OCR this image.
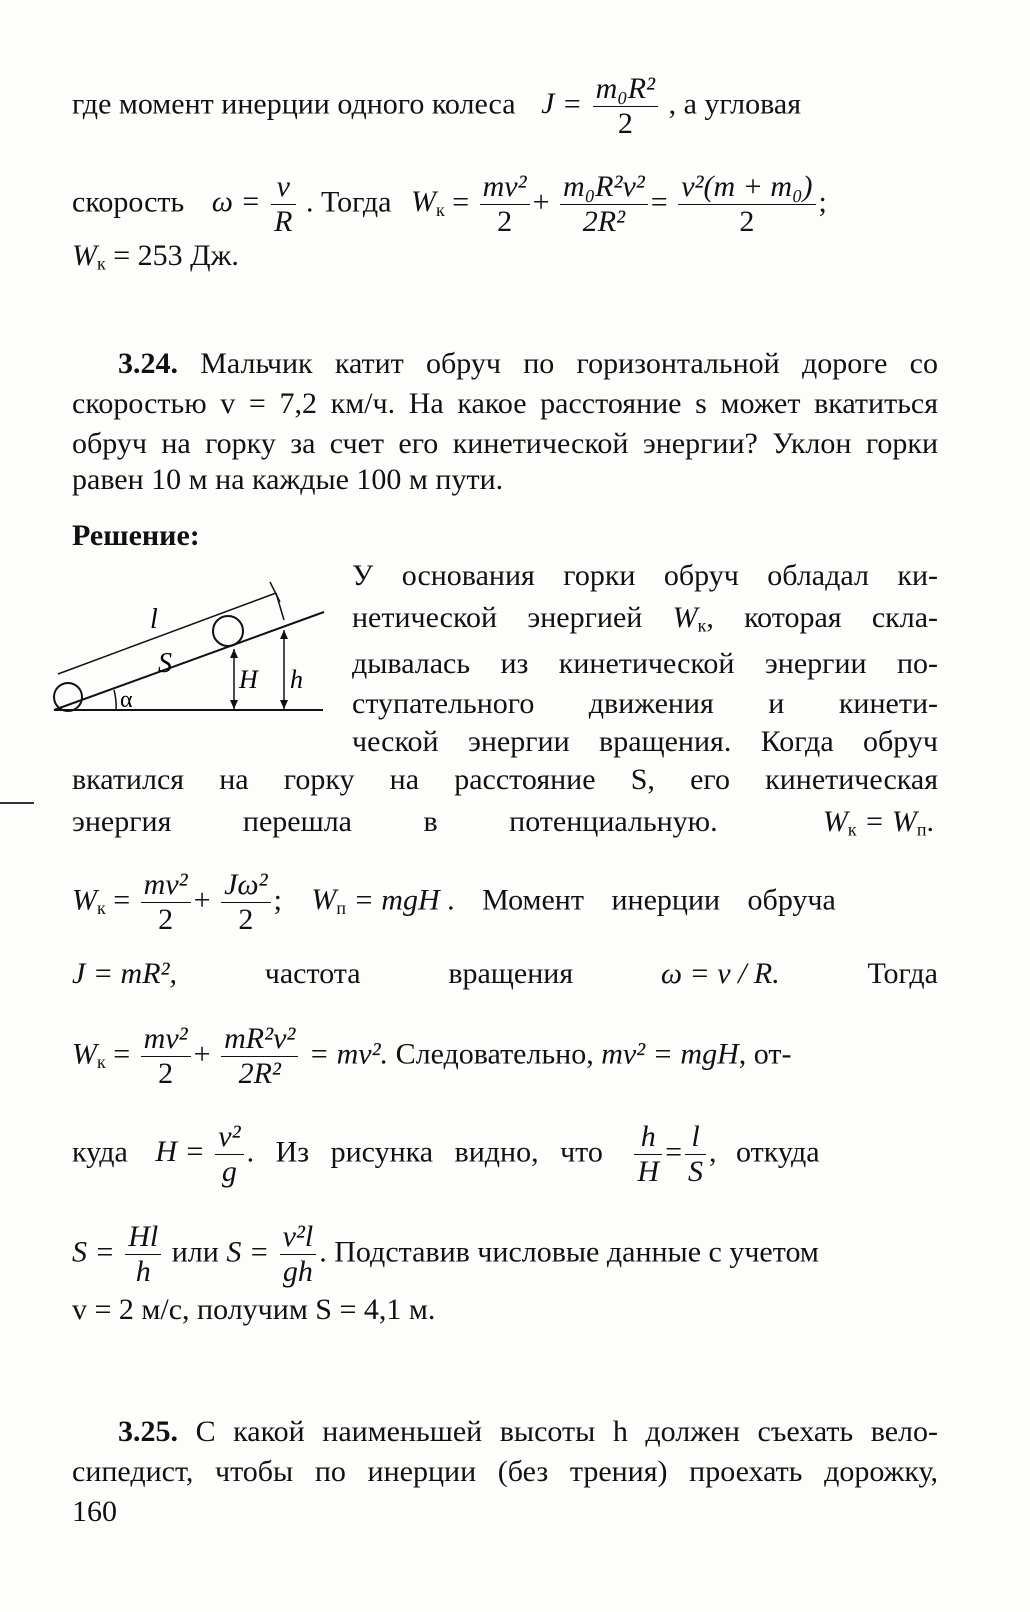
где момент инерции одного колеса $J = \frac{\text{m₀R²}}{2}$ , а угловая
скорость $\omega = \frac{v}{R}$ . Тогда $W_к = \frac{\text{mv²}}{2} + \frac{\text{m₀R²v²}}{\text{2R²}} = \frac{\text{v²(m + m₀)}}{2}$ ;
$W_к = 253$ Дж.
3.24. Мальчик катит обруч по горизонтальной дороге со
скоростью v = 7,2 км/ч. На какое расстояние s может вкатиться
обруч на горку за счет его кинетической энергии? Уклон горки
равен 10 м на каждые 100 м пути.
Решение:
l
S
H h
α
У основания горки обруч обладал ки-
нетической энергией $W_к$, которая скла-
дывалась из кинетической энергии по-
ступательного движения и кинети-
ческой энергии вращения. Когда обруч
вкатился на горку на расстояние S, его кинетическая
энергия перешла в потенциальную.	$W_к = W_п$.
$W_к = \frac{\text{mv²}}{2} + \frac{\text{Jω²}}{2}$ ; $W_п$ = mgH . Момент инерции обруча
J = mR²,	частота	вращения	ω = v / R.	Тогда
$W_к = \frac{\text{mv²}}{2} + \frac{\text{mR²v²}}{\text{2R²}} = mv^2$. Следовательно, mv² = mgH, от-
куда $H = \frac{\text{v²}}{g}$ . Из рисунка видно, что $\frac{h}{H} = \frac{l}{S}$ , откуда
$S = \frac{Hl}{h}$ или $S = \frac{\text{v²l}}{gh}$ . Подставив числовые данные с учетом
v = 2 м/с, получим S = 4,1 м.
3.25. С какой наименьшей высоты h должен съехать вело-
сипедист, чтобы по инерции (без трения) проехать дорожку,
160
